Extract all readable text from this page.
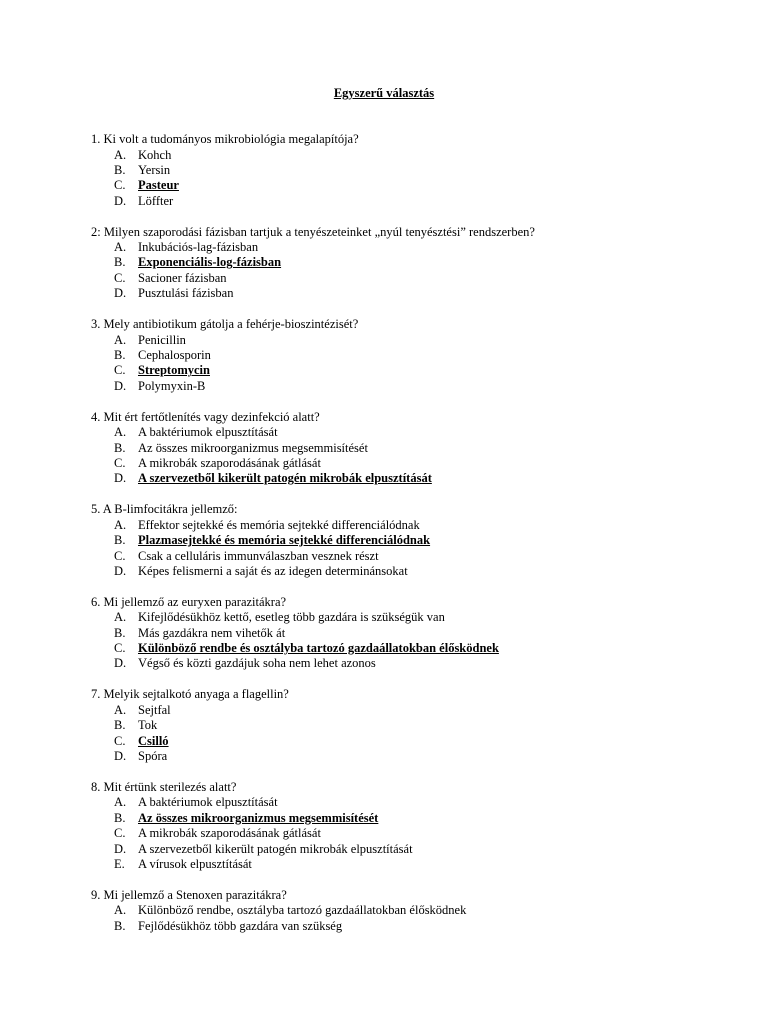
Egyszerű választás
1. Ki volt a tudományos mikrobiológia megalapítója?
A. Kohch
B.	Yersin
C.	Pasteur
D. Löffter
2: Milyen szaporodási fázisban tartjuk a tenyészeteinket „nyúl tenyésztési” rendszerben?
A. Inkubációs-lag-fázisban
B.	Exponenciális-log-fázisban
C.	Sacioner fázisban
D. Pusztulási fázisban
3. Mely antibiotikum gátolja a fehérje-bioszintézisét?
A. Penicillin
B.	Cephalosporin
C.	Streptomycin
D. Polymyxin-B
4. Mit ért fertőtlenítés vagy dezinfekció alatt?
A. A baktériumok elpusztítását
B.	Az összes mikroorganizmus megsemmisítését
C.	A mikrobák szaporodásának gátlását
D. A szervezetből kikerült patogén mikrobák elpusztítását
5. A B-limfocitákra jellemző:
A. Effektor sejtekké és memória sejtekké differenciálódnak
B.	Plazmasejtekké és memória sejtekké differenciálódnak
C.	Csak a celluláris immunválaszban vesznek részt
D. Képes felismerni a saját és az idegen determinánsokat
6. Mi jellemző az euryxen parazitákra?
A. Kifejlődésükhöz kettő, esetleg több gazdára is szükségük van
B.	Más gazdákra nem vihetők át
C.	Különböző rendbe és osztályba tartozó gazdaállatokban élősködnek
D. Végső és közti gazdájuk soha nem lehet azonos
7. Melyik sejtalkotó anyaga a flagellin?
A. Sejtfal
B.	Tok
C.	Csilló
D. Spóra
8. Mit értünk sterilezés alatt?
A. A baktériumok elpusztítását
B.	Az összes mikroorganizmus megsemmisítését
C.	A mikrobák szaporodásának gátlását
D. A szervezetből kikerült patogén mikrobák elpusztítását
E.	A vírusok elpusztítását
9. Mi jellemző a Stenoxen parazitákra?
A. Különböző rendbe, osztályba tartozó gazdaállatokban élősködnek
B.	Fejlődésükhöz több gazdára van szükség
